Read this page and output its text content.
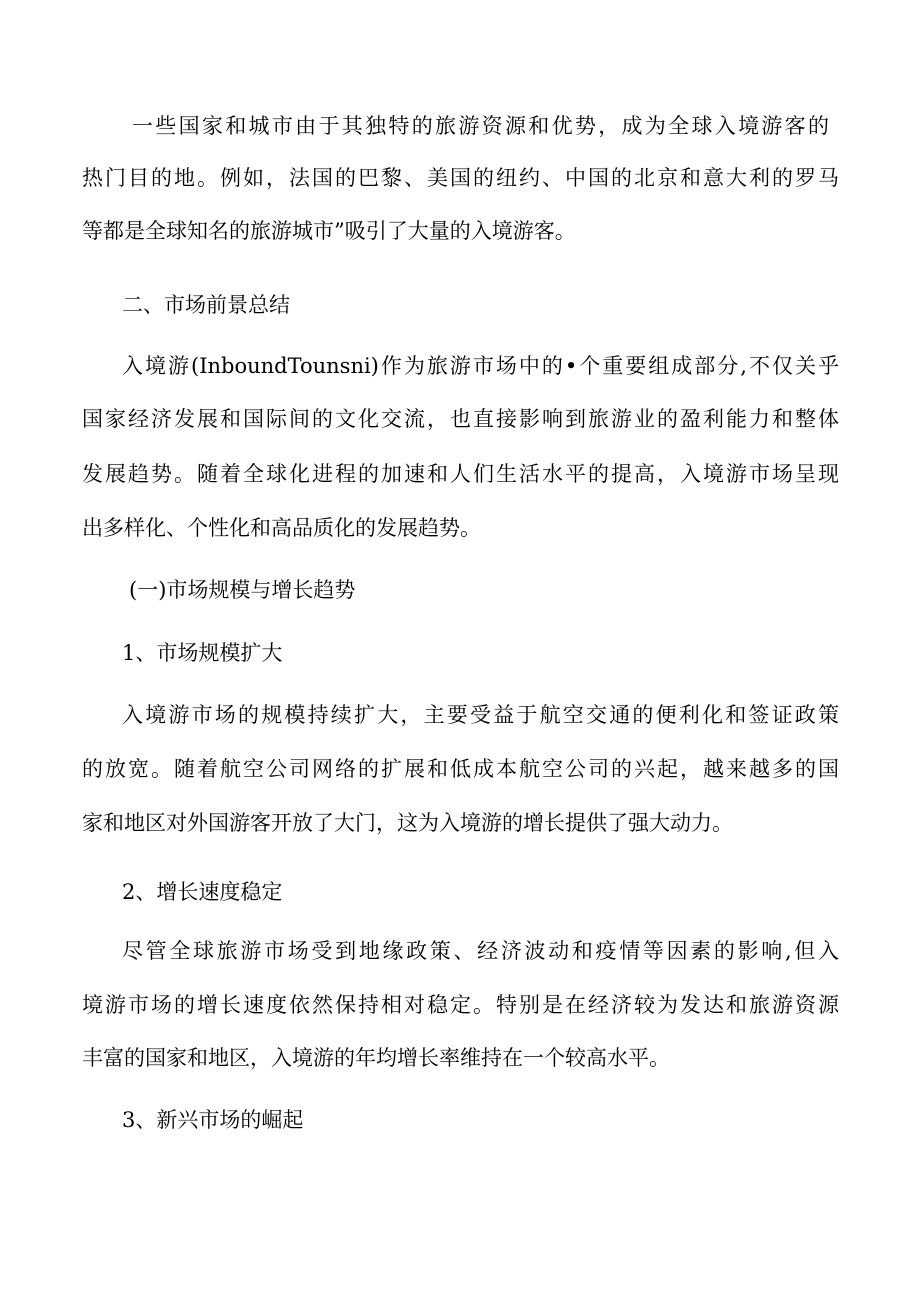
一些国家和城市由于其独特的旅游资源和优势，成为全球入境游客的
热门目的地。例如，法国的巴黎、美国的纽约、中国的北京和意大利的罗马
等都是全球知名的旅游城市”吸引了大量的入境游客。
二、市场前景总结
入境游(InboundTounsni)作为旅游市场中的•个重要组成部分,不仅关乎
国家经济发展和国际间的文化交流，也直接影响到旅游业的盈利能力和整体
发展趋势。随着全球化进程的加速和人们生活水平的提高，入境游市场呈现
出多样化、个性化和高品质化的发展趋势。
(一)市场规模与增长趋势
1、市场规模扩大
入境游市场的规模持续扩大，主要受益于航空交通的便利化和签证政策
的放宽。随着航空公司网络的扩展和低成本航空公司的兴起，越来越多的国
家和地区对外国游客开放了大门，这为入境游的增长提供了强大动力。
2、增长速度稳定
尽管全球旅游市场受到地缘政策、经济波动和疫情等因素的影响,但入
境游市场的增长速度依然保持相对稳定。特别是在经济较为发达和旅游资源
丰富的国家和地区，入境游的年均增长率维持在一个较高水平。
3、新兴市场的崛起
